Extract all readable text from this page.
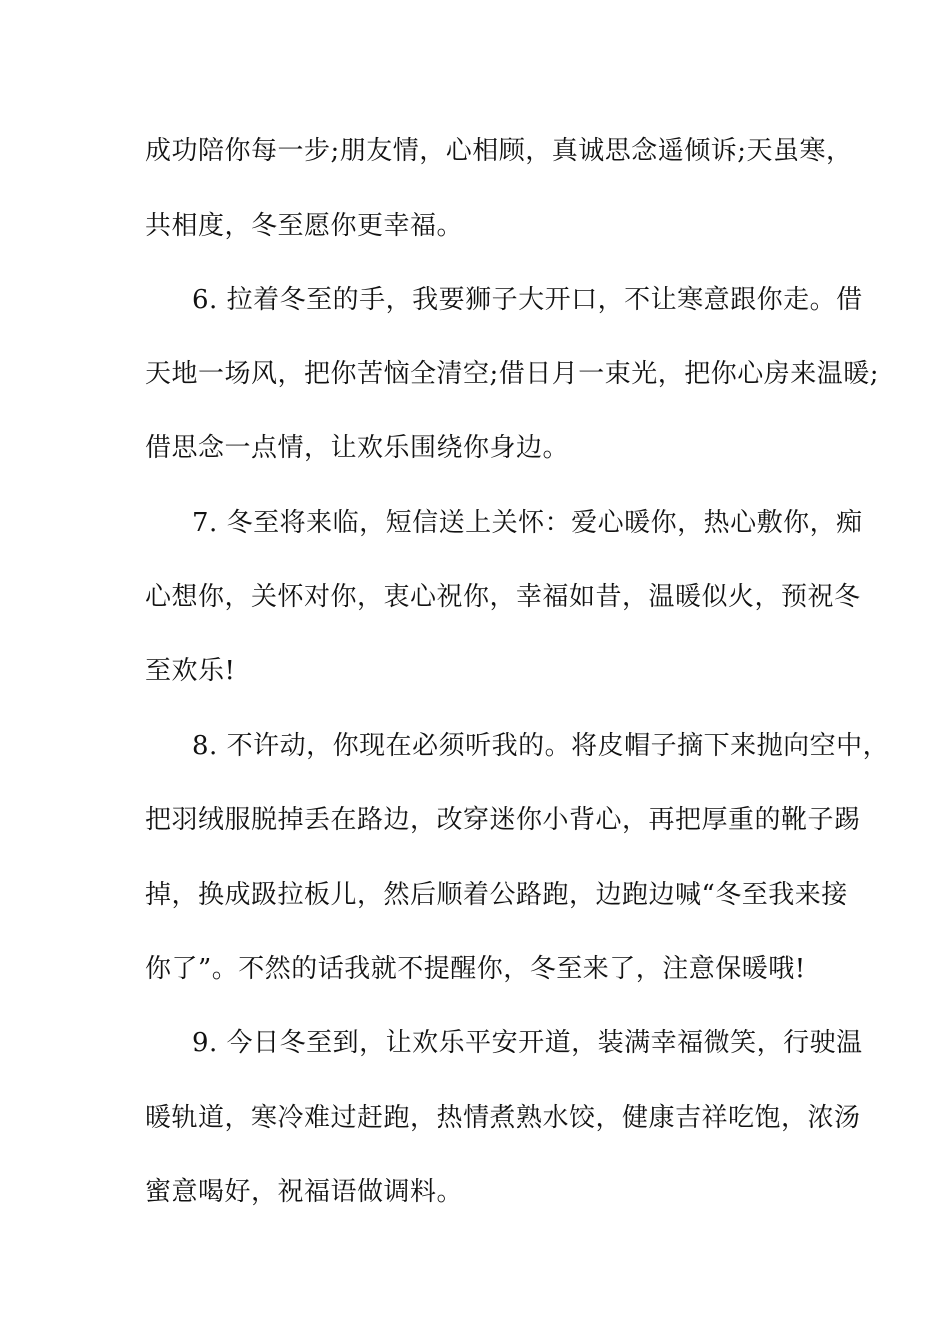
成功陪你每一步;朋友情，心相顾，真诚思念遥倾诉;天虽寒，
共相度，冬至愿你更幸福。
6. 拉着冬至的手，我要狮子大开口，不让寒意跟你走。借
天地一场风，把你苦恼全清空;借日月一束光，把你心房来温暖;
借思念一点情，让欢乐围绕你身边。
7. 冬至将来临，短信送上关怀：爱心暖你，热心敷你，痴
心想你，关怀对你，衷心祝你，幸福如昔，温暖似火，预祝冬
至欢乐!
8. 不许动，你现在必须听我的。将皮帽子摘下来抛向空中，
把羽绒服脱掉丢在路边，改穿迷你小背心，再把厚重的靴子踢
掉，换成趿拉板儿，然后顺着公路跑，边跑边喊“冬至我来接
你了”。不然的话我就不提醒你，冬至来了，注意保暖哦!
9. 今日冬至到，让欢乐平安开道，装满幸福微笑，行驶温
暖轨道，寒冷难过赶跑，热情煮熟水饺，健康吉祥吃饱，浓汤
蜜意喝好，祝福语做调料。
